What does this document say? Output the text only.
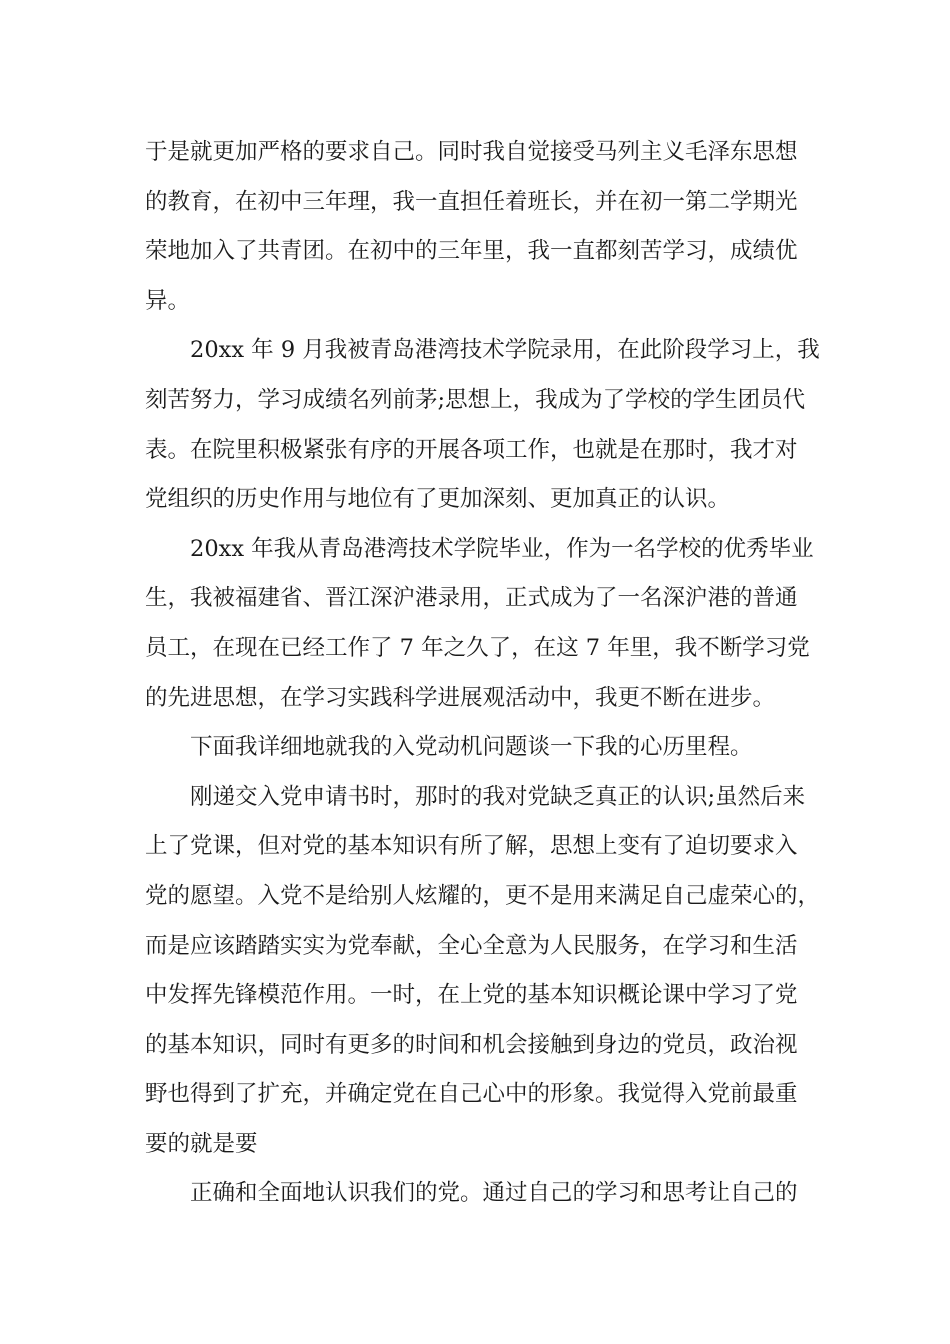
于是就更加严格的要求自己。同时我自觉接受马列主义毛泽东思想
的教育，在初中三年理，我一直担任着班长，并在初一第二学期光
荣地加入了共青团。在初中的三年里，我一直都刻苦学习，成绩优
异。
20xx 年 9 月我被青岛港湾技术学院录用，在此阶段学习上，我
刻苦努力，学习成绩名列前茅;思想上，我成为了学校的学生团员代
表。在院里积极紧张有序的开展各项工作，也就是在那时，我才对
党组织的历史作用与地位有了更加深刻、更加真正的认识。
20xx 年我从青岛港湾技术学院毕业，作为一名学校的优秀毕业
生，我被福建省、晋江深沪港录用，正式成为了一名深沪港的普通
员工，在现在已经工作了 7 年之久了，在这 7 年里，我不断学习党
的先进思想，在学习实践科学进展观活动中，我更不断在进步。
下面我详细地就我的入党动机问题谈一下我的心历里程。
刚递交入党申请书时，那时的我对党缺乏真正的认识;虽然后来
上了党课，但对党的基本知识有所了解，思想上变有了迫切要求入
党的愿望。入党不是给别人炫耀的，更不是用来满足自己虚荣心的，
而是应该踏踏实实为党奉献，全心全意为人民服务，在学习和生活
中发挥先锋模范作用。一时，在上党的基本知识概论课中学习了党
的基本知识，同时有更多的时间和机会接触到身边的党员，政治视
野也得到了扩充，并确定党在自己心中的形象。我觉得入党前最重
要的就是要
正确和全面地认识我们的党。通过自己的学习和思考让自己的
